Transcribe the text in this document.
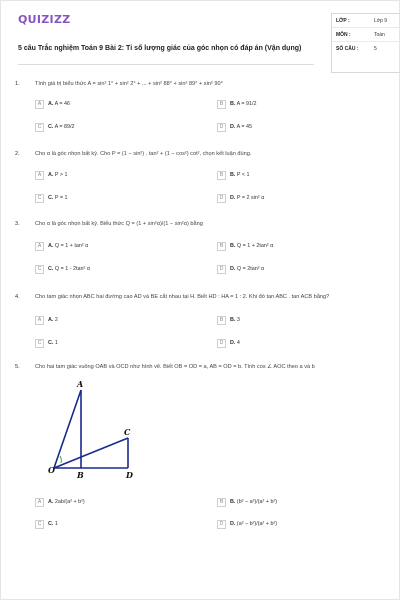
QUIZIZZ
5 câu Trắc nghiệm Toán 9 Bài 2: Tỉ số lượng giác của góc nhọn có đáp án (Vận dụng)
LỚP :	Lớp 9
MÔN :	Toán
SỐ CÂU :	5
1.	Tính giá trị biểu thức A = sin² 1° + sin² 2° + ... + sin² 88° + sin² 89° + sin² 90°
A	A. A = 46	B	B. A = 91/2
C	C. A = 89/2	D	D. A = 45
2.	Cho α là góc nhọn bất kỳ. Cho P = (1 − sin²) . tan² + (1 − cos²) cot², chọn kết luận đúng.
A	A. P > 1	B	B. P < 1
C	C. P = 1	D	D. P = 2 sin² α
3.	Cho α là góc nhọn bất kỳ. Biểu thức Q = (1 + sin²α)/(1 − sin²α) bằng
A	A. Q = 1 + tan² α	B	B. Q = 1 + 2tan² α
C	C. Q = 1 - 2tan² α	D	D. Q = 2tan² α
4.	Cho tam giác nhọn ABC hai đường cao AD và BE cắt nhau tại H. Biết HD : HA = 1 : 2. Khi đó tan ABC . tan ACB bằng?
A	A. 2	B	B. 3
C	C. 1	D	D. 4
5.	Cho hai tam giác vuông OAB và OCD như hình vẽ. Biết OB = OD = a, AB = OD = b. Tính cos ∠ AOC theo a và b
A
B
C
D
O
A	A. 2ab/(a² + b²)	B	B. (b² − a²)/(a² + b²)
C	C. 1	D	D. (a² − b²)/(a² + b²)
